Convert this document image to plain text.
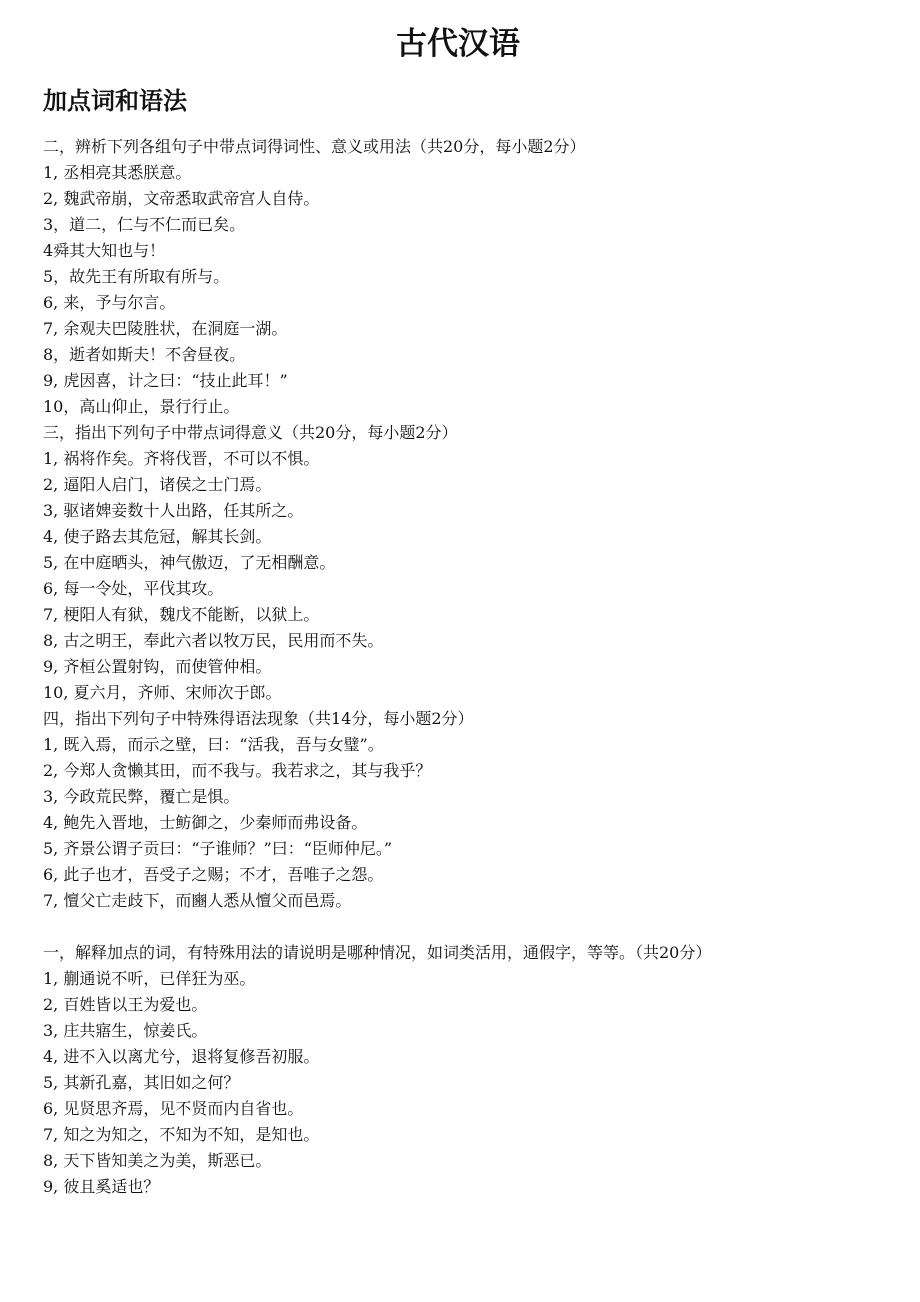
古代汉语
加点词和语法

二，辨析下列各组句子中带点词得词性、意义或用法（共20分，每小题2分）

1, 丞相亮其悉朕意。

2, 魏武帝崩，文帝悉取武帝宫人自侍。

3，道二，仁与不仁而已矣。

4舜其大知也与！

5，故先王有所取有所与。

6, 来，予与尔言。

7, 余观夫巴陵胜状，在洞庭一湖。

8，逝者如斯夫！不舍昼夜。

9, 虎因喜，计之曰：“技止此耳！”

10，高山仰止，景行行止。

三，指出下列句子中带点词得意义（共20分，每小题2分）

1, 祸将作矣。齐将伐晋，不可以不惧。

2, 逼阳人启门，诸侯之士门焉。

3, 驱诸婢妾数十人出路，任其所之。

4, 使子路去其危冠，解其长剑。

5, 在中庭晒头，神气傲迈，了无相酬意。

6, 每一令处，平伐其攻。

7, 梗阳人有狱，魏戊不能断，以狱上。

8, 古之明王，奉此六者以牧万民，民用而不失。

9, 齐桓公置射钩，而使管仲相。

10, 夏六月，齐师、宋师次于郎。

四，指出下列句子中特殊得语法现象（共14分，每小题2分）

1, 既入焉，而示之壁，曰：“活我，吾与女璧”。

2, 今郑人贪懒其田，而不我与。我若求之，其与我乎？

3, 今政荒民弊，覆亡是惧。

4, 鲍先入晋地，士鲂御之，少秦师而弗设备。

5, 齐景公谓子贡曰：“子谁师？”曰：“臣师仲尼。”

6, 此子也才，吾受子之赐；不才，吾唯子之怨。

7, 憻父亡走歧下，而豳人悉从憻父而邑焉。

一，解释加点的词，有特殊用法的请说明是哪种情况，如词类活用，通假字，等等。（共20分）

1, 蒯通说不听，已佯狂为巫。

2, 百姓皆以王为爱也。

3, 庄共寤生，惊姜氏。

4, 进不入以离尤兮，退将复修吾初服。

5, 其新孔嘉，其旧如之何？

6, 见贤思齐焉，见不贤而内自省也。

7, 知之为知之，不知为不知，是知也。

8, 天下皆知美之为美，斯恶已。

9, 彼且奚适也？
